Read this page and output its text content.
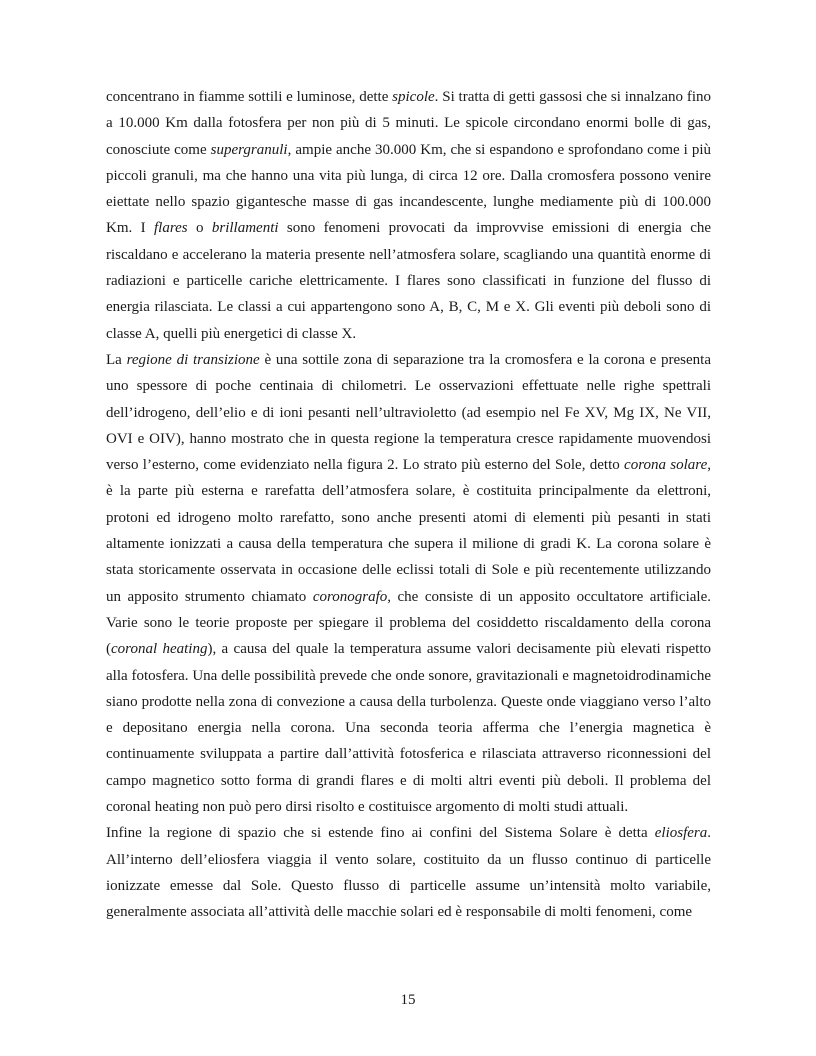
concentrano in fiamme sottili e luminose, dette spicole. Si tratta di getti gassosi che si innalzano fino a 10.000 Km dalla fotosfera per non più di 5 minuti. Le spicole circondano enormi bolle di gas, conosciute come supergranuli, ampie anche 30.000 Km, che si espandono e sprofondano come i più piccoli granuli, ma che hanno una vita più lunga, di circa 12 ore. Dalla cromosfera possono venire eiettate nello spazio gigantesche masse di gas incandescente, lunghe mediamente più di 100.000 Km. I flares o brillamenti sono fenomeni provocati da improvvise emissioni di energia che riscaldano e accelerano la materia presente nell’atmosfera solare, scagliando una quantità enorme di radiazioni e particelle cariche elettricamente. I flares sono classificati in funzione del flusso di energia rilasciata. Le classi a cui appartengono sono A, B, C, M e X. Gli eventi più deboli sono di classe A, quelli più energetici di classe X.

La regione di transizione è una sottile zona di separazione tra la cromosfera e la corona e presenta uno spessore di poche centinaia di chilometri. Le osservazioni effettuate nelle righe spettrali dell’idrogeno, dell’elio e di ioni pesanti nell’ultravioletto (ad esempio nel Fe XV, Mg IX, Ne VII, OVI e OIV), hanno mostrato che in questa regione la temperatura cresce rapidamente muovendosi verso l’esterno, come evidenziato nella figura 2. Lo strato più esterno del Sole, detto corona solare, è la parte più esterna e rarefatta dell’atmosfera solare, è costituita principalmente da elettroni, protoni ed idrogeno molto rarefatto, sono anche presenti atomi di elementi più pesanti in stati altamente ionizzati a causa della temperatura che supera il milione di gradi K. La corona solare è stata storicamente osservata in occasione delle eclissi totali di Sole e più recentemente utilizzando un apposito strumento chiamato coronografo, che consiste di un apposito occultatore artificiale. Varie sono le teorie proposte per spiegare il problema del cosiddetto riscaldamento della corona (coronal heating), a causa del quale la temperatura assume valori decisamente più elevati rispetto alla fotosfera. Una delle possibilità prevede che onde sonore, gravitazionali e magnetoidrodinamiche siano prodotte nella zona di convezione a causa della turbolenza. Queste onde viaggiano verso l’alto e depositano energia nella corona. Una seconda teoria afferma che l’energia magnetica è continuamente sviluppata a partire dall’attività fotosferica e rilasciata attraverso riconnessioni del campo magnetico sotto forma di grandi flares e di molti altri eventi più deboli. Il problema del coronal heating non può pero dirsi risolto e costituisce argomento di molti studi attuali.

Infine la regione di spazio che si estende fino ai confini del Sistema Solare è detta eliosfera. All’interno dell’eliosfera viaggia il vento solare, costituito da un flusso continuo di particelle ionizzate emesse dal Sole. Questo flusso di particelle assume un’intensità molto variabile, generalmente associata all’attività delle macchie solari ed è responsabile di molti fenomeni, come

15
